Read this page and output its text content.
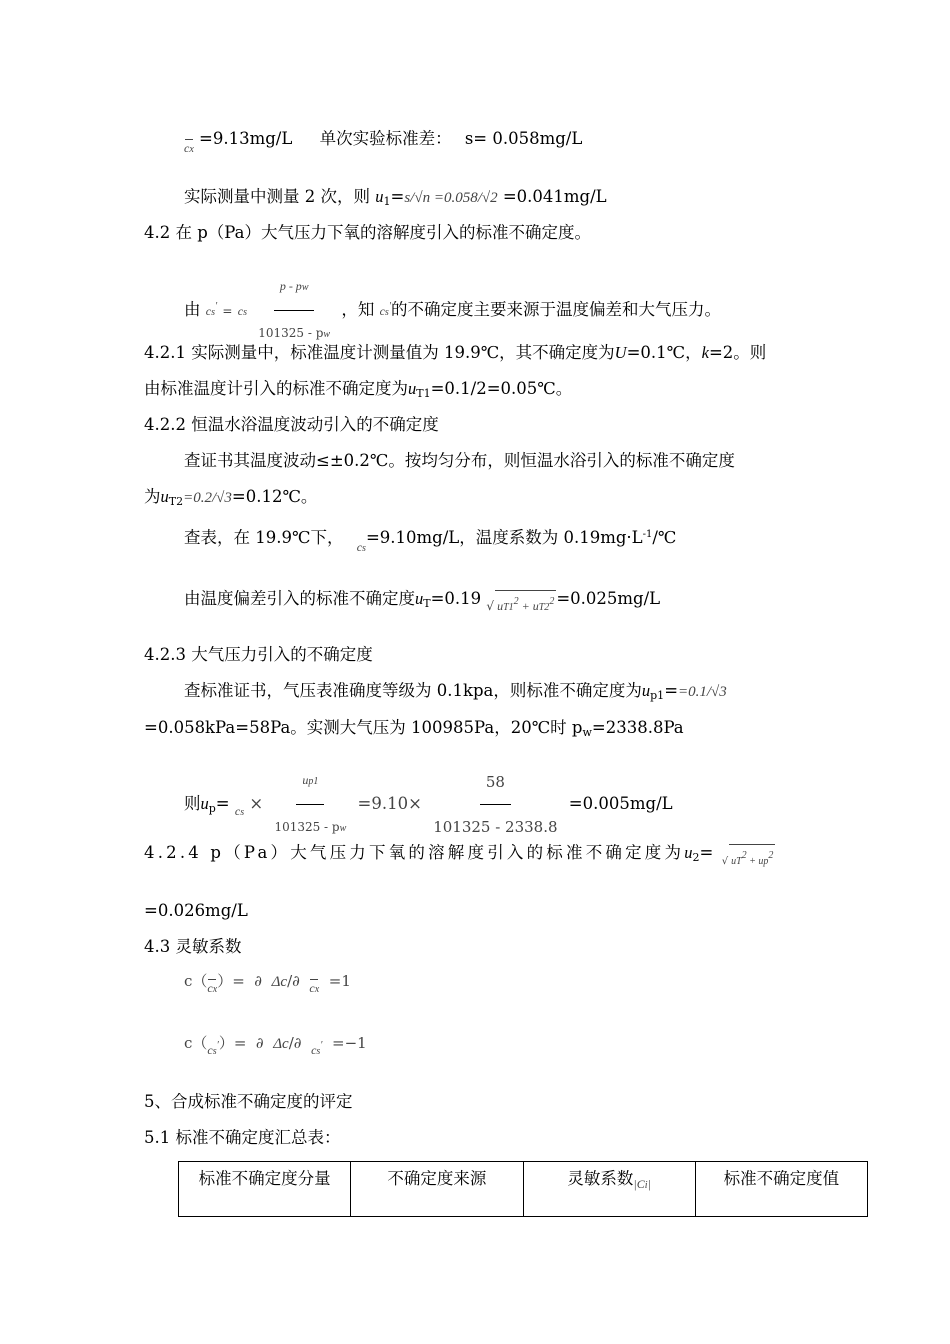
cx =9.13mg/L 单次实验标准差： s= 0.058mg/L
实际测量中测量 2 次，则 $u_1=s/√n =0.058/√2 =0.041mg/L$
4.2 在 p（Pa）大气压力下氧的溶解度引入的标准不确定度。
由 cs′ = cs $\frac{p - pw}{101325 - pw}$ ，知 cs′的不确定度主要来源于温度偏差和大气压力。
4.2.1 实际测量中，标准温度计测量值为 19.9℃，其不确定度为U=0.1℃，k=2。则
由标准温度计引入的标准不确定度为$u_{T1}=0.1/2=0.05℃$。
4.2.2 恒温水浴温度波动引入的不确定度
查证书其温度波动≤±0.2℃。按均匀分布，则恒温水浴引入的标准不确定度
为$u_{T2}=0.2/√3=0.12℃$。
查表，在 19.9℃下， $_{cs}$=9.10mg/L，温度系数为 $0.19mg\cdot L^{-1}/℃$
由温度偏差引入的标准不确定度$u_T=0.19$ $_{√ uT1^2 + uT2^2}$ =0.025mg/L
4.2.3 大气压力引入的不确定度
查标准证书，气压表准确度等级为 0.1kpa，则标准不确定度为$u_{p1}==0.1/√3$
=0.058kPa=58Pa。实测大气压为 100985Pa，20℃时 $p_w=2338.8Pa$
则$u_p= _{cs} \times \frac{up1}{101325 - pw} =9.10\times \frac{58}{101325 - 2338.8} =0.005mg/L$
4.2.4 p（Pa）大气压力下氧的溶解度引入的标准不确定度为$u_2= _{√ uT2 + up2}$
=0.026mg/L
4.3 灵敏系数
c（cx）=  ∂  Δc/∂  cx =1
$c(_{cs'})=$  ∂  Δc/∂  $_{cs'}$ =−1
5、合成标准不确定度的评定
5.1 标准不确定度汇总表：
标准不确定度分量	不确定度来源	灵敏系数$_{|Ci|}$	标准不确定度值
